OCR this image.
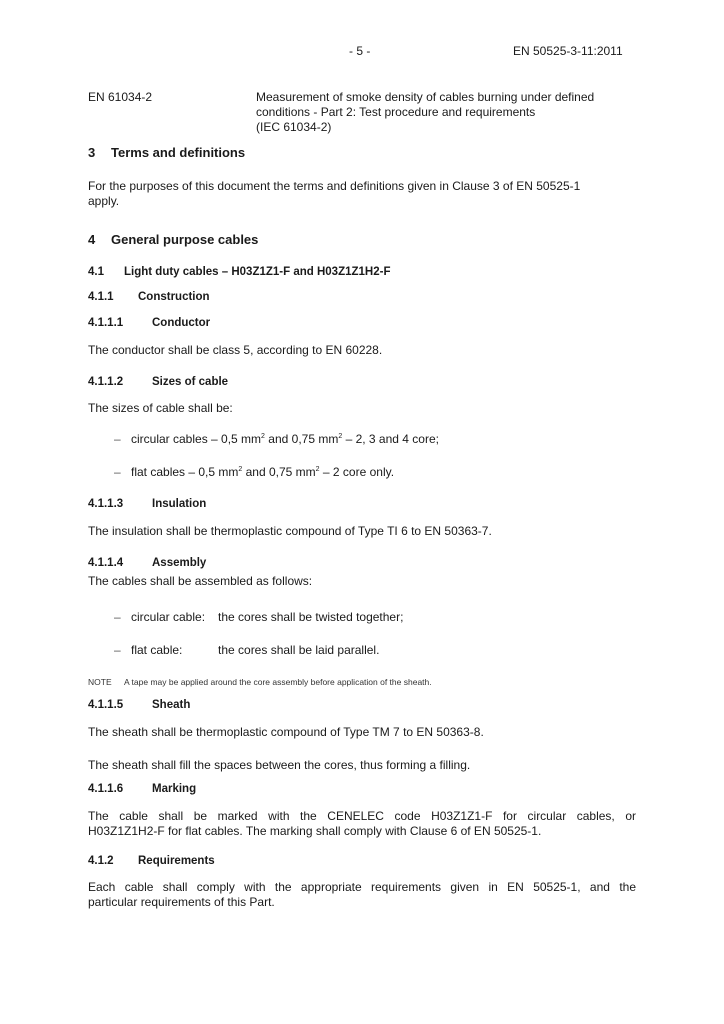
- 5 -	EN 50525-3-11:2011
EN 61034-2	Measurement of smoke density of cables burning under defined

conditions - Part 2: Test procedure and requirements

(IEC 61034-2)

3 Terms and definitions

For the purposes of this document the terms and definitions given in Clause 3 of EN 50525-1

apply.

4 General purpose cables
4.1 Light duty cables – H03Z1Z1-F and H03Z1Z1H2-F
4.1.1 Construction
4.1.1.1	Conductor
The conductor shall be class 5, according to EN 60228.
4.1.1.2	Sizes of cable
The sizes of cable shall be:
– circular cables – 0,5 $mm^2$ and 0,75 $mm^2 - 2$, 3 and 4 core;
– flat cables – 0,5 $mm^2$ and 0,75 $mm^2 - 2$ core only.
4.1.1.3	Insulation
The insulation shall be thermoplastic compound of Type TI 6 to EN 50363-7.
4.1.1.4	Assembly
The cables shall be assembled as follows:
– circular cable: the cores shall be twisted together;
– flat cable:	the cores shall be laid parallel.
NOTE A tape may be applied around the core assembly before application of the sheath.
4.1.1.5	Sheath
The sheath shall be thermoplastic compound of Type TM 7 to EN 50363-8.
The sheath shall fill the spaces between the cores, thus forming a filling.
4.1.1.6	Marking

The cable shall be marked with the CENELEC code H03Z1Z1-F for circular cables, or

H03Z1Z1H2-F for flat cables. The marking shall comply with Clause 6 of EN 50525-1.

4.1.2 Requirements

Each cable shall comply with the appropriate requirements given in EN 50525-1, and the

particular requirements of this Part.
